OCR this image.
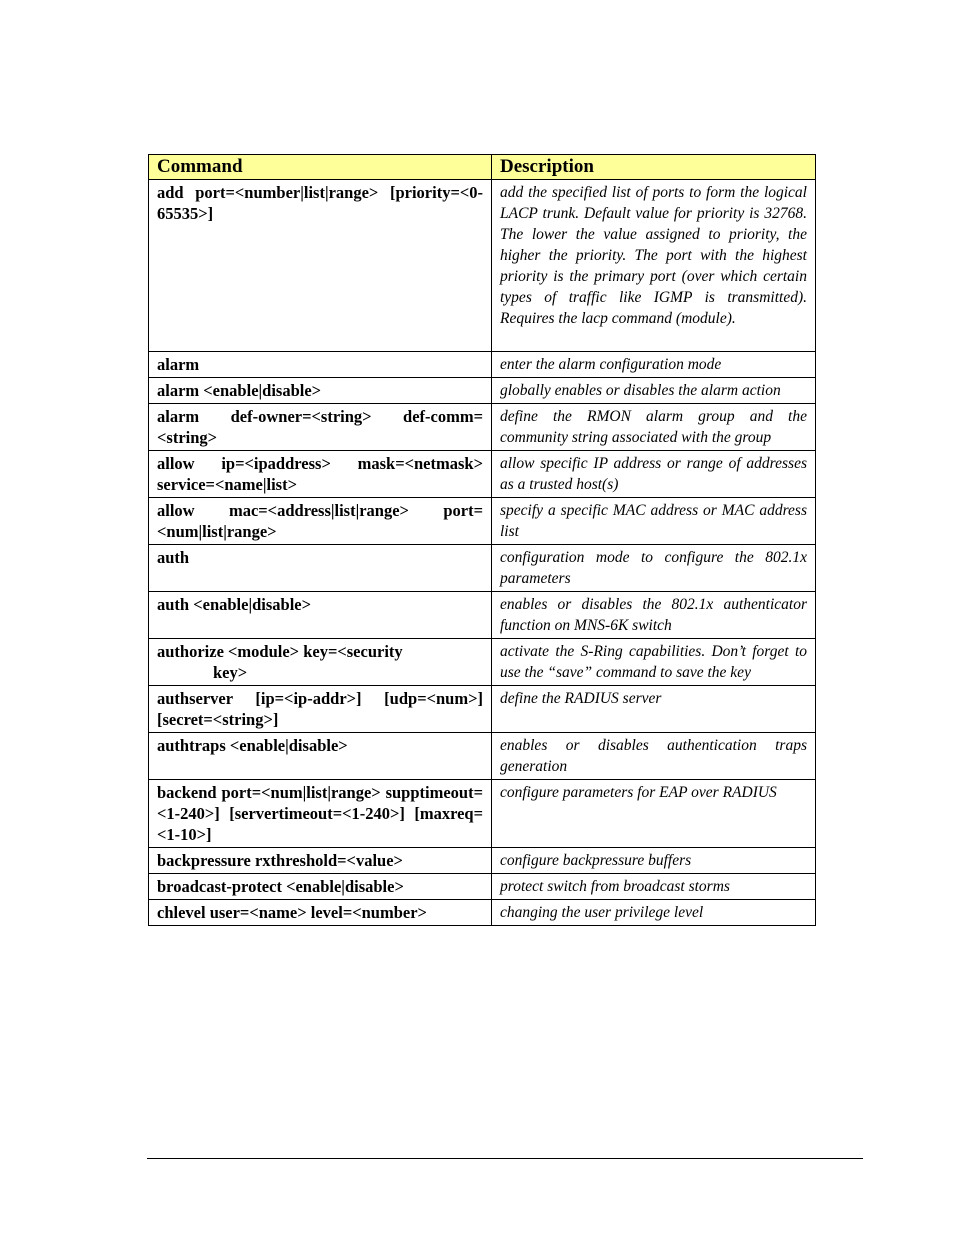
Command	Description
add port=<number|list|range> [priority=<0-65535>]	add the specified list of ports to form the logical LACP trunk. Default value for priority is 32768. The lower the value assigned to priority, the higher the priority. The port with the highest priority is the primary port (over which certain types of traffic like IGMP is transmitted). Requires the lacp command (module).
alarm	enter the alarm configuration mode
alarm <enable|disable>	globally enables or disables the alarm action
alarm def-owner=<string> def-comm=<string>	define the RMON alarm group and the community string associated with the group
allow ip=<ipaddress> mask=<netmask> service=<name|list>	allow specific IP address or range of addresses as a trusted host(s)
allow mac=<address|list|range> port=<num|list|range>	specify a specific MAC address or MAC address list
auth	configuration mode to configure the 802.1x parameters
auth <enable|disable>	enables or disables the 802.1x authenticator function on MNS-6K switch
authorize <module> key=<security
key>	activate the S-Ring capabilities. Don’t forget to use the “save” command to save the key
authserver [ip=<ip-addr>] [udp=<num>] [secret=<string>]	define the RADIUS server
authtraps <enable|disable>	enables or disables authentication traps generation
backend port=<num|list|range> supptimeout=<1-240>] [servertimeout=<1-240>] [maxreq=<1-10>]	configure parameters for EAP over RADIUS
backpressure rxthreshold=<value>	configure backpressure buffers
broadcast-protect <enable|disable>	protect switch from broadcast storms
chlevel user=<name> level=<number>	changing the user privilege level
